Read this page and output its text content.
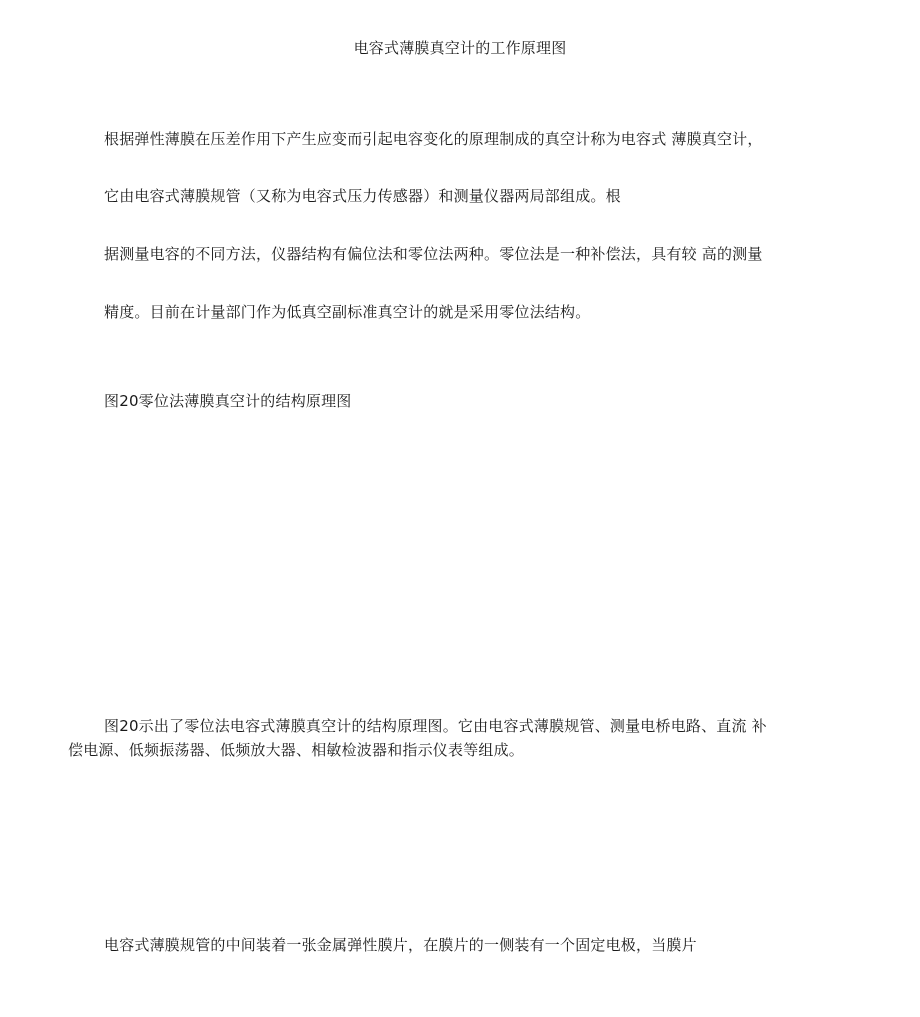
电容式薄膜真空计的工作原理图
根据弹性薄膜在压差作用下产生应变而引起电容变化的原理制成的真空计称为电容式 薄膜真空计，
它由电容式薄膜规管（又称为电容式压力传感器）和测量仪器两局部组成。根
据测量电容的不同方法，仪器结构有偏位法和零位法两种。零位法是一种补偿法，具有较 高的测量
精度。目前在计量部门作为低真空副标准真空计的就是采用零位法结构。
图20零位法薄膜真空计的结构原理图
图20示出了零位法电容式薄膜真空计的结构原理图。它由电容式薄膜规管、测量电桥电路、直流 补
偿电源、低频振荡器、低频放大器、相敏检波器和指示仪表等组成。
电容式薄膜规管的中间装着一张金属弹性膜片，在膜片的一侧装有一个固定电极，当膜片
